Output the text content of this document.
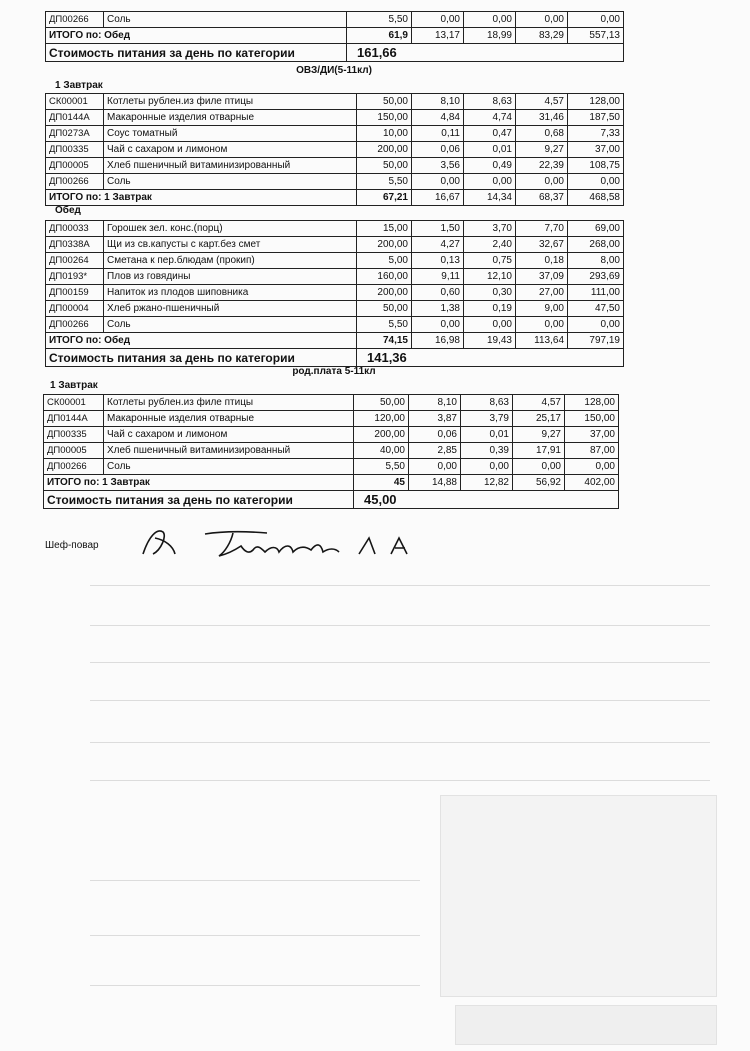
ДП00266	Соль	5,50	0,00	0,00	0,00	0,00
ИТОГО по: Обед		61,9	13,17	18,99	83,29	557,13
Стоимость питания за день по категории		161,66				
ОВЗ/ДИ(5-11кл)
1 Завтрак
СК00001	Котлеты рублен.из филе птицы	50,00	8,10	8,63	4,57	128,00
ДП0144А	Макаронные изделия отварные	150,00	4,84	4,74	31,46	187,50
ДП0273А	Соус томатный	10,00	0,11	0,47	0,68	7,33
ДП00335	Чай с сахаром и лимоном	200,00	0,06	0,01	9,27	37,00
ДП00005	Хлеб пшеничный витаминизированный	50,00	3,56	0,49	22,39	108,75
ДП00266	Соль	5,50	0,00	0,00	0,00	0,00
ИТОГО по: 1 Завтрак		67,21	16,67	14,34	68,37	468,58
Обед
ДП00033	Горошек зел. конс.(порц)	15,00	1,50	3,70	7,70	69,00
ДП0338А	Щи из св.капусты с карт.без смет	200,00	4,27	2,40	32,67	268,00
ДП00264	Сметана к пер.блюдам (прокип)	5,00	0,13	0,75	0,18	8,00
ДП0193*	Плов из говядины	160,00	9,11	12,10	37,09	293,69
ДП00159	Напиток из плодов шиповника	200,00	0,60	0,30	27,00	111,00
ДП00004	Хлеб ржано-пшеничный	50,00	1,38	0,19	9,00	47,50
ДП00266	Соль	5,50	0,00	0,00	0,00	0,00
ИТОГО по: Обед		74,15	16,98	19,43	113,64	797,19
Стоимость питания за день по категории		141,36				
род.плата 5-11кл
1 Завтрак
СК00001	Котлеты рублен.из филе птицы	50,00	8,10	8,63	4,57	128,00
ДП0144А	Макаронные изделия отварные	120,00	3,87	3,79	25,17	150,00
ДП00335	Чай с сахаром и лимоном	200,00	0,06	0,01	9,27	37,00
ДП00005	Хлеб пшеничный витаминизированный	40,00	2,85	0,39	17,91	87,00
ДП00266	Соль	5,50	0,00	0,00	0,00	0,00
ИТОГО по: 1 Завтрак		45	14,88	12,82	56,92	402,00
Стоимость питания за день по категории		45,00				
Шеф-повар
